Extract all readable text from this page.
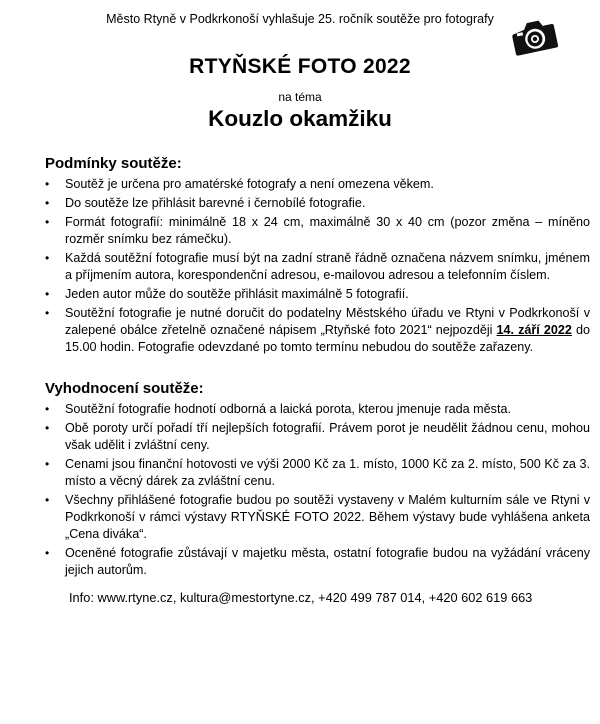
Město Rtyně v Podkrkonoší vyhlašuje 25. ročník soutěže pro fotografy
RTYŇSKÉ FOTO 2022
na téma
Kouzlo okamžiku
Podmínky soutěže:
• Soutěž je určena pro amatérské fotografy a není omezena věkem.
• Do soutěže lze přihlásit barevné i černobílé fotografie.
• Formát fotografií: minimálně 18 x 24 cm, maximálně 30 x 40 cm (pozor změna – míněno rozměr snímku bez rámečku).
• Každá soutěžní fotografie musí být na zadní straně řádně označena názvem snímku, jménem a příjmením autora, korespondenční adresou, e-mailovou adresou a telefonním číslem.
• Jeden autor může do soutěže přihlásit maximálně 5 fotografií.
• Soutěžní fotografie je nutné doručit do podatelny Městského úřadu ve Rtyni v Podkrkonoší v zalepené obálce zřetelně označené nápisem „Rtyňské foto 2021“ nejpozději 14. září 2022 do 15.00 hodin. Fotografie odevzdané po tomto termínu nebudou do soutěže zařazeny.
Vyhodnocení soutěže:
• Soutěžní fotografie hodnotí odborná a laická porota, kterou jmenuje rada města.
• Obě poroty určí pořadí tří nejlepších fotografií. Právem porot je neudělit žádnou cenu, mohou však udělit i zvláštní ceny.
• Cenami jsou finanční hotovosti ve výši 2000 Kč za 1. místo, 1000 Kč za 2. místo, 500 Kč za 3. místo a věcný dárek za zvláštní cenu.
• Všechny přihlášené fotografie budou po soutěži vystaveny v Malém kulturním sále ve Rtyni v Podkrkonoší v rámci výstavy RTYŇSKÉ FOTO 2022. Během výstavy bude vyhlášena anketa „Cena diváka“.
• Oceněné fotografie zůstávají v majetku města, ostatní fotografie budou na vyžádání vráceny jejich autorům.
Info: www.rtyne.cz, kultura@mestortyne.cz, +420 499 787 014, +420 602 619 663
